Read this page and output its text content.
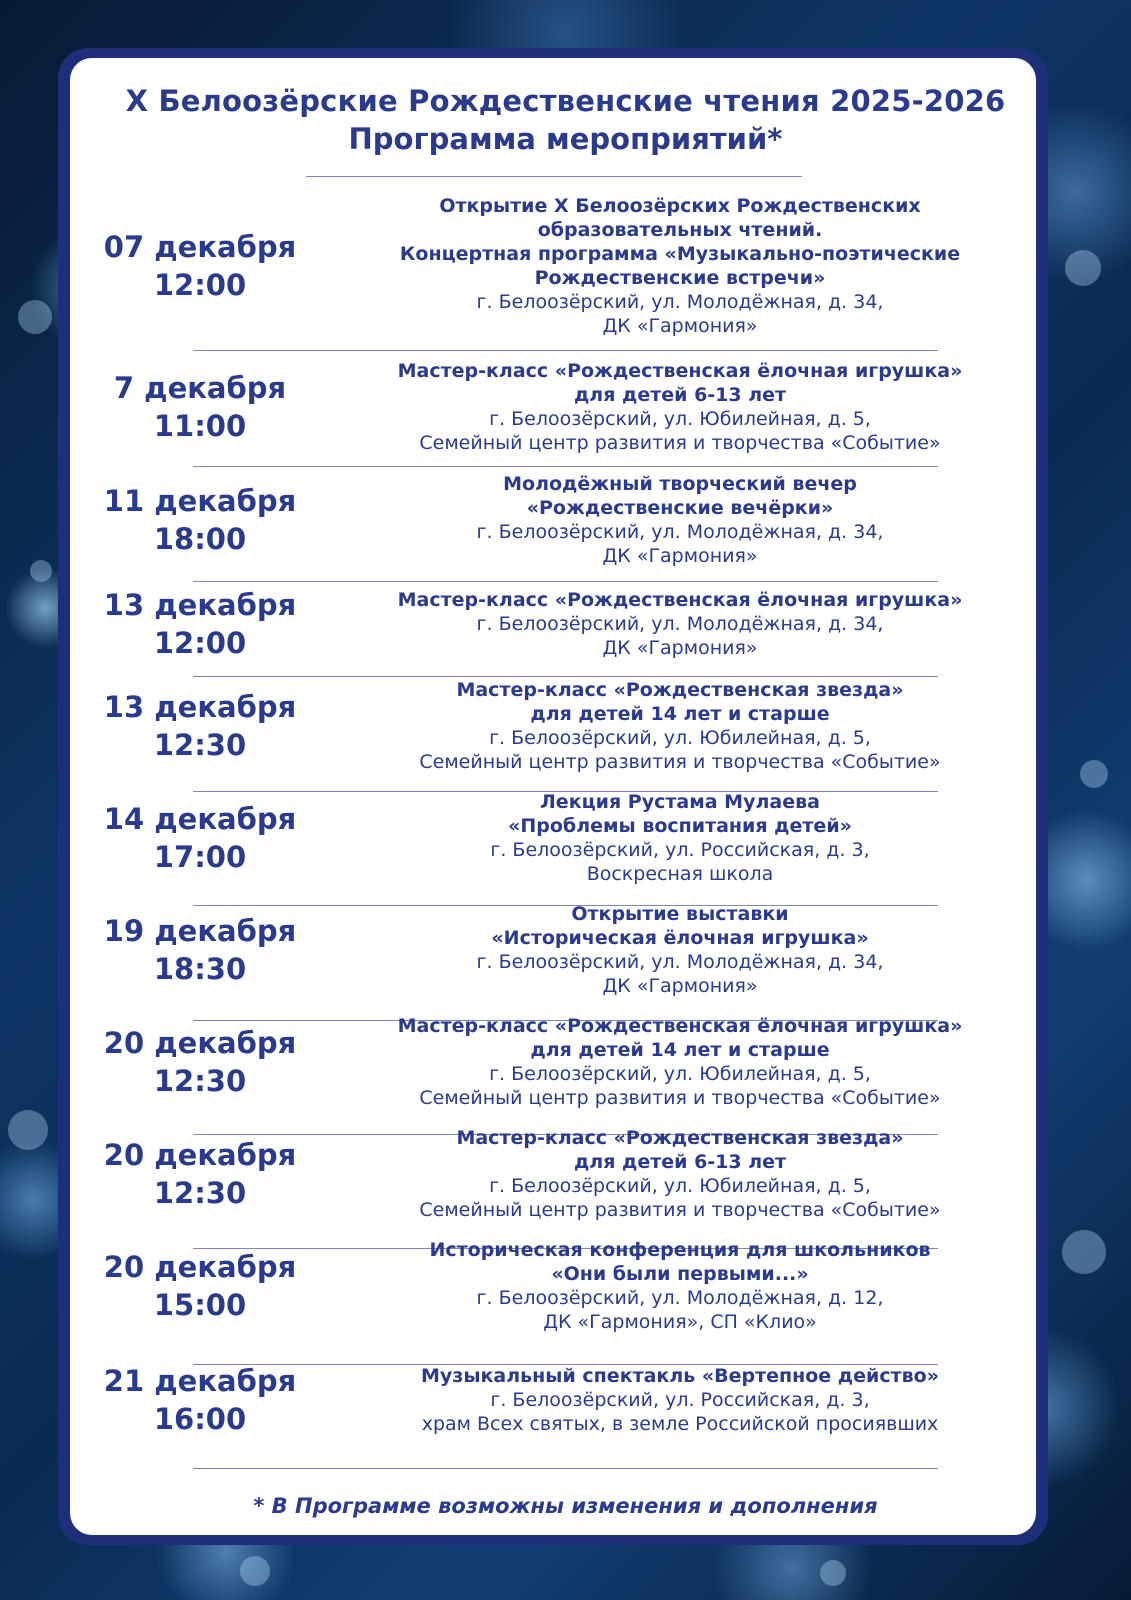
X Белоозёрские Рождественские чтения 2025-2026
Программа мероприятий*
07 декабря
12:00
Открытие X Белоозёрских Рождественских
образовательных чтений.
Концертная программа «Музыкально-поэтические
Рождественские встречи»
г. Белоозёрский, ул. Молодёжная, д. 34,
ДК «Гармония»
7 декабря
11:00
Мастер-класс «Рождественская ёлочная игрушка»
для детей 6-13 лет
г. Белоозёрский, ул. Юбилейная, д. 5,
Семейный центр развития и творчества «Событие»
11 декабря
18:00
Молодёжный творческий вечер
«Рождественские вечёрки»
г. Белоозёрский, ул. Молодёжная, д. 34,
ДК «Гармония»
13 декабря
12:00
Мастер-класс «Рождественская ёлочная игрушка»
г. Белоозёрский, ул. Молодёжная, д. 34,
ДК «Гармония»
13 декабря
12:30
Мастер-класс «Рождественская звезда»
для детей 14 лет и старше
г. Белоозёрский, ул. Юбилейная, д. 5,
Семейный центр развития и творчества «Событие»
14 декабря
17:00
Лекция Рустама Мулаева
«Проблемы воспитания детей»
г. Белоозёрский, ул. Российская, д. 3,
Воскресная школа
19 декабря
18:30
Открытие выставки
«Историческая ёлочная игрушка»
г. Белоозёрский, ул. Молодёжная, д. 34,
ДК «Гармония»
20 декабря
12:30
Мастер-класс «Рождественская ёлочная игрушка»
для детей 14 лет и старше
г. Белоозёрский, ул. Юбилейная, д. 5,
Семейный центр развития и творчества «Событие»
20 декабря
12:30
Мастер-класс «Рождественская звезда»
для детей 6-13 лет
г. Белоозёрский, ул. Юбилейная, д. 5,
Семейный центр развития и творчества «Событие»
20 декабря
15:00
Историческая конференция для школьников
«Они были первыми...»
г. Белоозёрский, ул. Молодёжная, д. 12,
ДК «Гармония», СП «Клио»
21 декабря
16:00
Музыкальный спектакль «Вертепное действо»
г. Белоозёрский, ул. Российская, д. 3,
храм Всех святых, в земле Российской просиявших

* В Программе возможны изменения и дополнения
